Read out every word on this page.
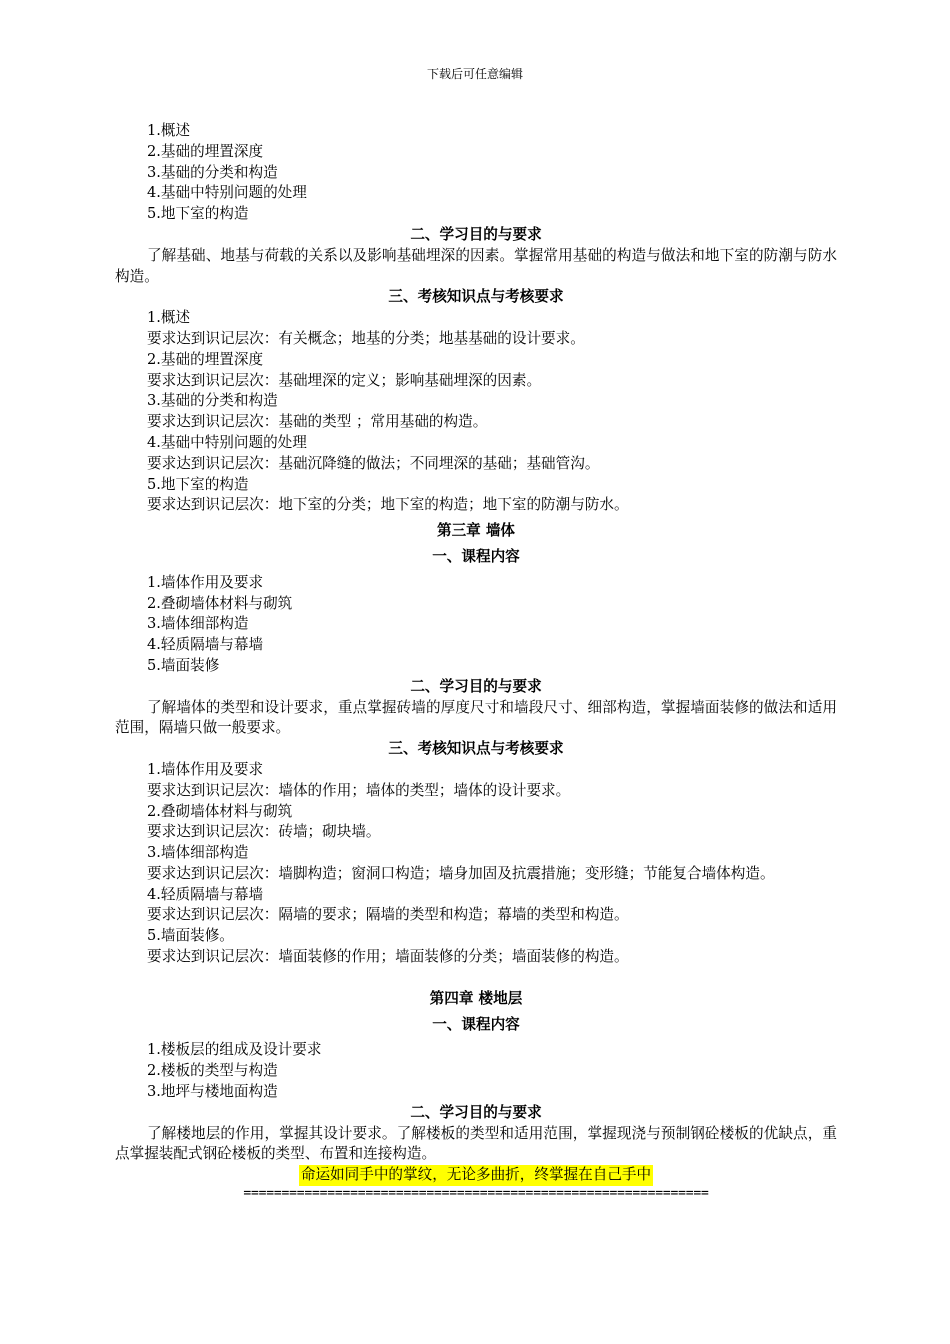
下载后可任意编辑

1.概述

2.基础的埋置深度

3.基础的分类和构造

4.基础中特别问题的处理

5.地下室的构造

二、学习目的与要求

了解基础、地基与荷载的关系以及影响基础埋深的因素。掌握常用基础的构造与做法和地下室的防潮与防水构造。

三、考核知识点与考核要求

1.概述

要求达到识记层次：有关概念；地基的分类；地基基础的设计要求。

2.基础的埋置深度

要求达到识记层次：基础埋深的定义；影响基础埋深的因素。

3.基础的分类和构造

要求达到识记层次：基础的类型 ；常用基础的构造。

4.基础中特别问题的处理

要求达到识记层次：基础沉降缝的做法；不同埋深的基础；基础管沟。

5.地下室的构造

要求达到识记层次：地下室的分类；地下室的构造；地下室的防潮与防水。

第三章 墙体

一、课程内容

1.墙体作用及要求

2.叠砌墙体材料与砌筑

3.墙体细部构造

4.轻质隔墙与幕墙

5.墙面装修

二、学习目的与要求

了解墙体的类型和设计要求，重点掌握砖墙的厚度尺寸和墙段尺寸、细部构造，掌握墙面装修的做法和适用范围，隔墙只做一般要求。

三、考核知识点与考核要求

1.墙体作用及要求

要求达到识记层次：墙体的作用；墙体的类型；墙体的设计要求。

2.叠砌墙体材料与砌筑

要求达到识记层次：砖墙；砌块墙。

3.墙体细部构造

要求达到识记层次：墙脚构造；窗洞口构造；墙身加固及抗震措施；变形缝；节能复合墙体构造。

4.轻质隔墙与幕墙

要求达到识记层次：隔墙的要求；隔墙的类型和构造；幕墙的类型和构造。

5.墙面装修。

要求达到识记层次：墙面装修的作用；墙面装修的分类；墙面装修的构造。

第四章 楼地层

一、课程内容

1.楼板层的组成及设计要求

2.楼板的类型与构造

3.地坪与楼地面构造

二、学习目的与要求

了解楼地层的作用，掌握其设计要求。了解楼板的类型和适用范围，掌握现浇与预制钢砼楼板的优缺点，重点掌握装配式钢砼楼板的类型、布置和连接构造。

命运如同手中的掌纹，无论多曲折，终掌握在自己手中
=============================================================
